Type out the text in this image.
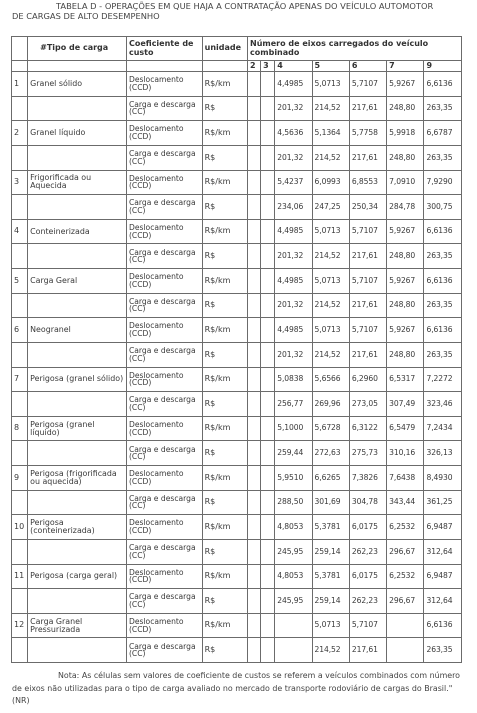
TABELA D - OPERAÇÕES EM QUE HAJA A CONTRATAÇÃO APENAS DO VEÍCULO AUTOMOTOR
DE CARGAS DE ALTO DESEMPENHO
	#Tipo de carga	Coeficiente de custo	unidade	Número de eixos carregados do veículo combinado						
				2	3	4	5	6	7	9
1	Granel sólido	Deslocamento (CCD)	R$/km			4,4985	5,0713	5,7107	5,9267	6,6136
		Carga e descarga (CC)	R$			201,32	214,52	217,61	248,80	263,35
2	Granel líquido	Deslocamento (CCD)	R$/km			4,5636	5,1364	5,7758	5,9918	6,6787
		Carga e descarga (CC)	R$			201,32	214,52	217,61	248,80	263,35
3	Frigorificada ou Aquecida	Deslocamento (CCD)	R$/km			5,4237	6,0993	6,8553	7,0910	7,9290
		Carga e descarga (CC)	R$			234,06	247,25	250,34	284,78	300,75
4	Conteinerizada	Deslocamento (CCD)	R$/km			4,4985	5,0713	5,7107	5,9267	6,6136
		Carga e descarga (CC)	R$			201,32	214,52	217,61	248,80	263,35
5	Carga Geral	Deslocamento (CCD)	R$/km			4,4985	5,0713	5,7107	5,9267	6,6136
		Carga e descarga (CC)	R$			201,32	214,52	217,61	248,80	263,35
6	Neogranel	Deslocamento (CCD)	R$/km			4,4985	5,0713	5,7107	5,9267	6,6136
		Carga e descarga (CC)	R$			201,32	214,52	217,61	248,80	263,35
7	Perigosa (granel sólido)	Deslocamento (CCD)	R$/km			5,0838	5,6566	6,2960	6,5317	7,2272
		Carga e descarga (CC)	R$			256,77	269,96	273,05	307,49	323,46
8	Perigosa (granel líquido)	Deslocamento (CCD)	R$/km			5,1000	5,6728	6,3122	6,5479	7,2434
		Carga e descarga (CC)	R$			259,44	272,63	275,73	310,16	326,13
9	Perigosa (frigorificada ou aquecida)	Deslocamento (CCD)	R$/km			5,9510	6,6265	7,3826	7,6438	8,4930
		Carga e descarga (CC)	R$			288,50	301,69	304,78	343,44	361,25
10	Perigosa (conteinerizada)	Deslocamento (CCD)	R$/km			4,8053	5,3781	6,0175	6,2532	6,9487
		Carga e descarga (CC)	R$			245,95	259,14	262,23	296,67	312,64
11	Perigosa (carga geral)	Deslocamento (CCD)	R$/km			4,8053	5,3781	6,0175	6,2532	6,9487
		Carga e descarga (CC)	R$			245,95	259,14	262,23	296,67	312,64
12	Carga Granel Pressurizada	Deslocamento (CCD)	R$/km				5,0713	5,7107		6,6136
		Carga e descarga (CC)	R$				214,52	217,61		263,35
Nota: As células sem valores de coeficiente de custos se referem a veículos combinados com número de eixos não utilizadas para o tipo de carga avaliado no mercado de transporte rodoviário de cargas do Brasil." (NR)
